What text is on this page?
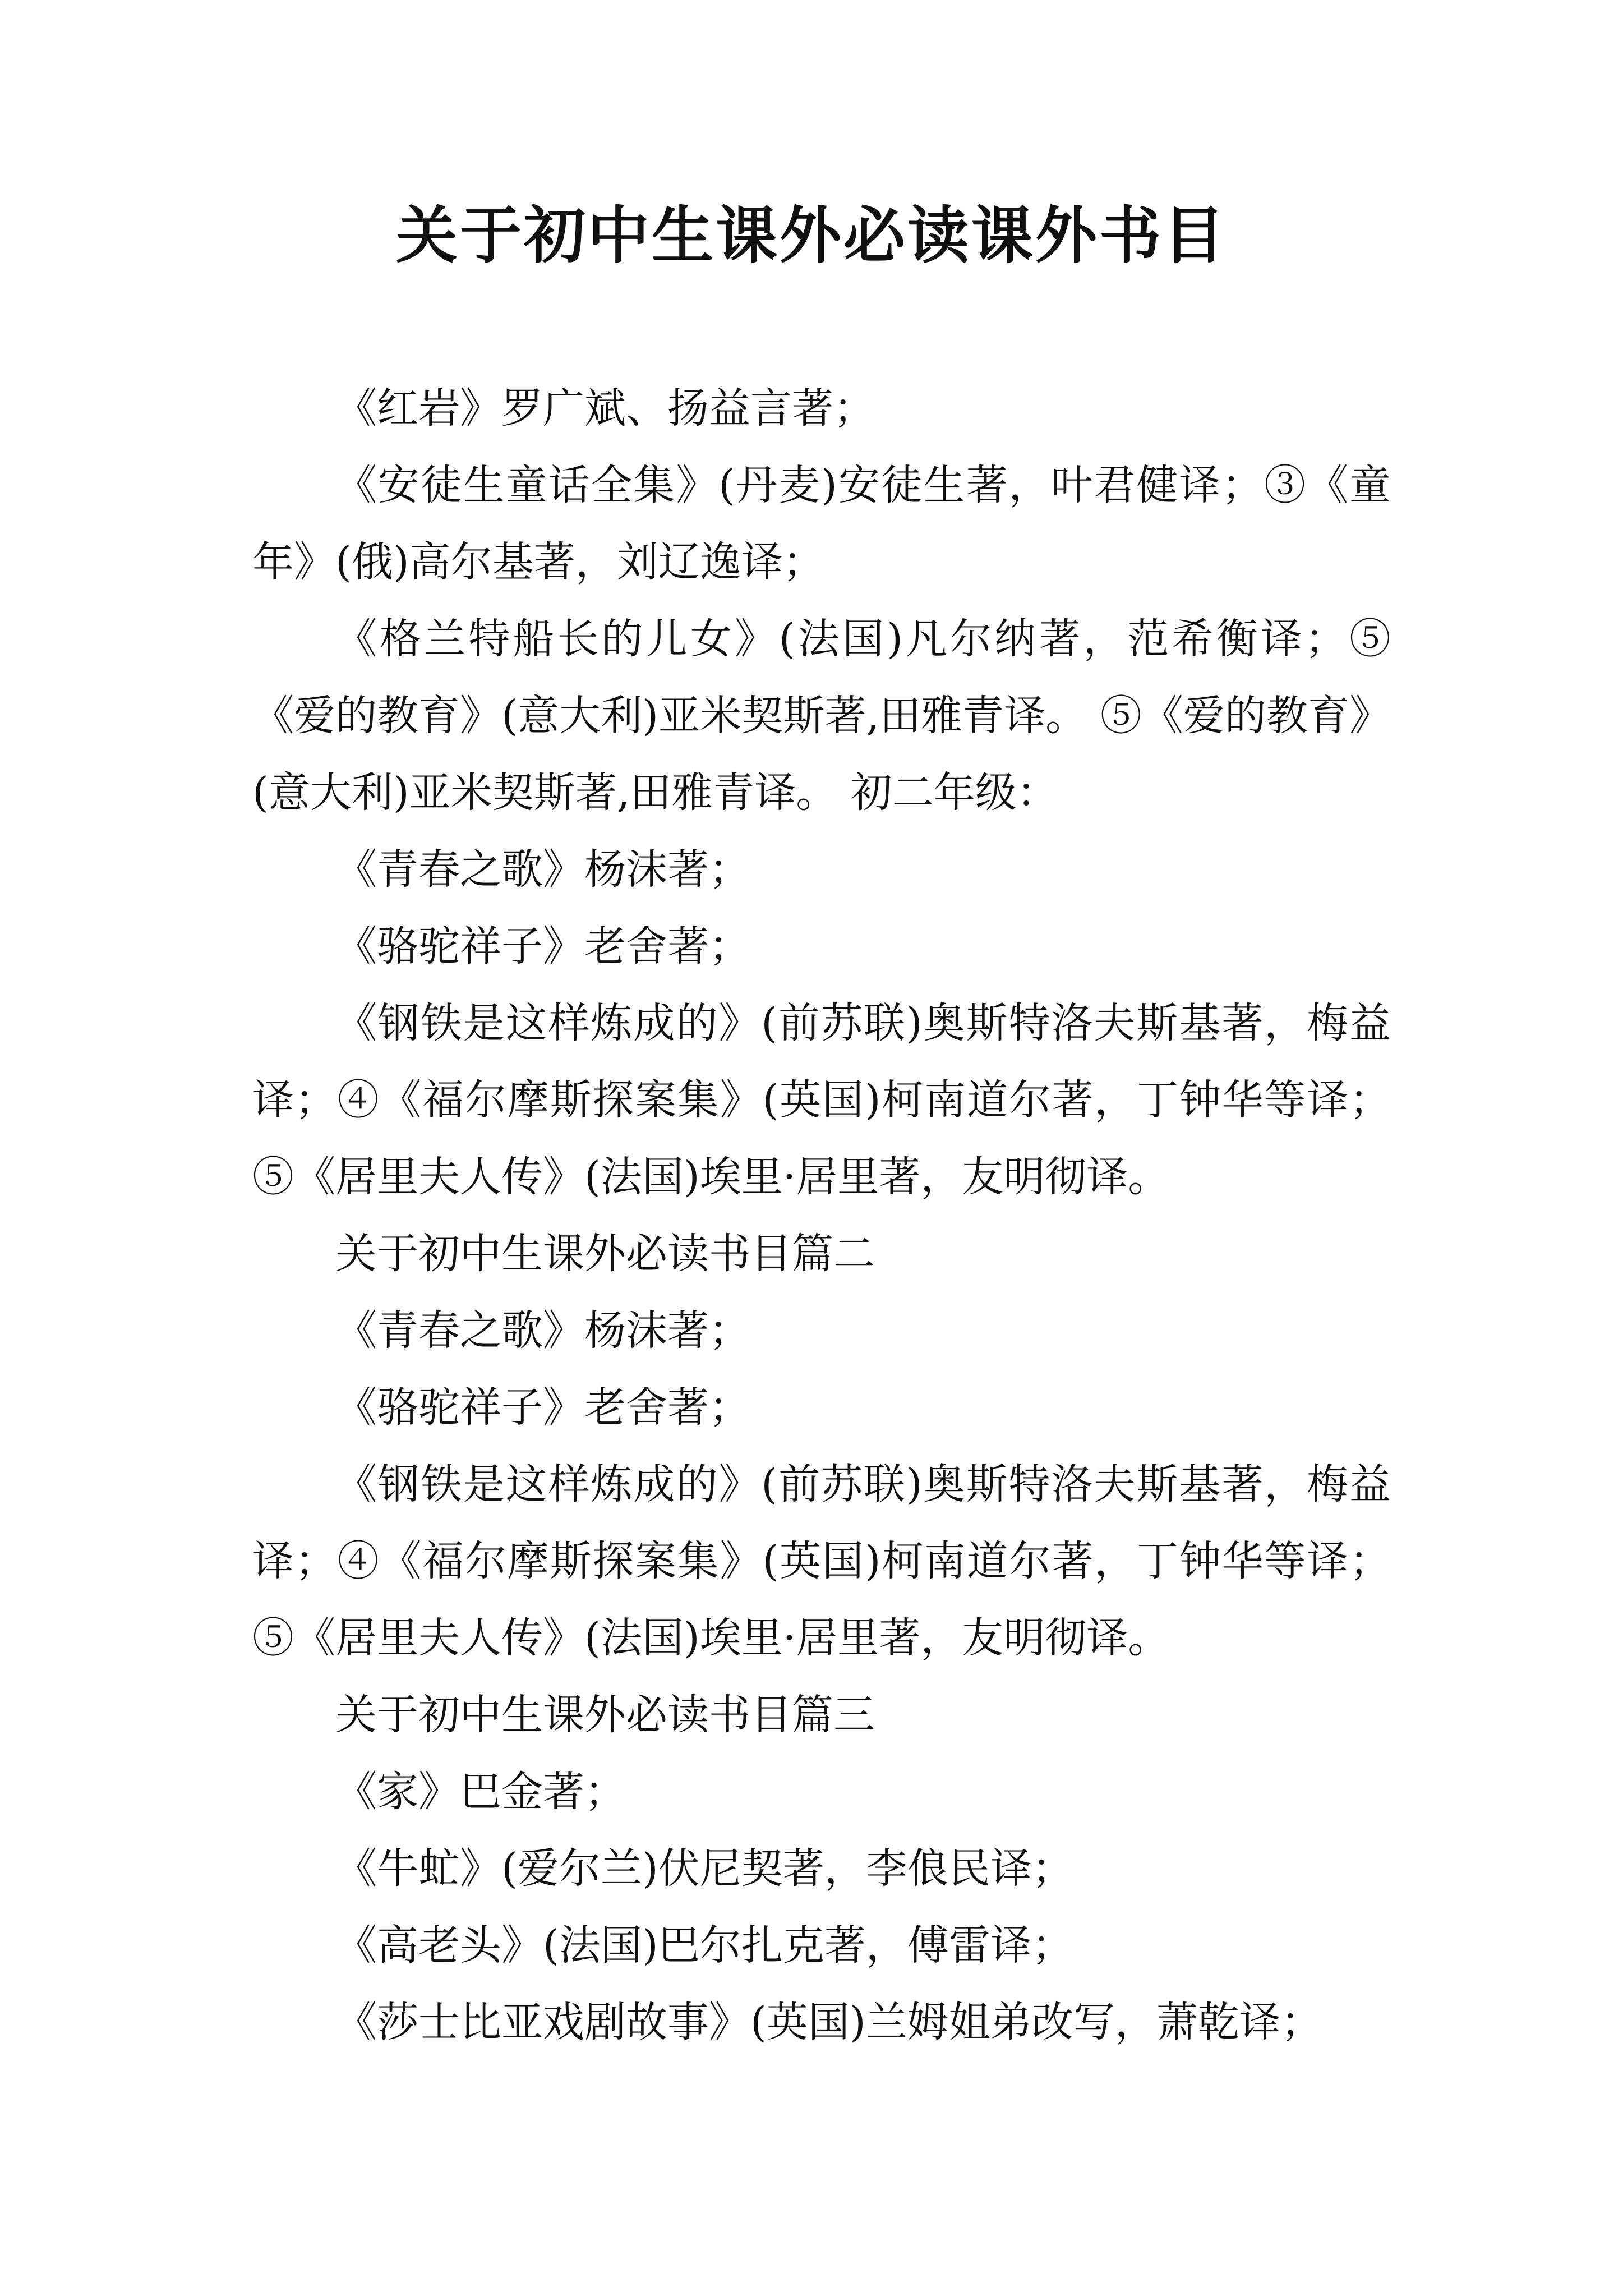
关于初中生课外必读课外书目

《红岩》罗广斌、扬益言著；

《安徒生童话全集》(丹麦)安徒生著，叶君健译；③《童年》(俄)高尔基著，刘辽逸译；

《格兰特船长的儿女》(法国)凡尔纳著，范希衡译；⑤《爱的教育》(意大利)亚米契斯著,田雅青译。 ⑤《爱的教育》(意大利)亚米契斯著,田雅青译。 初二年级：

《青春之歌》杨沫著；

《骆驼祥子》老舍著；

《钢铁是这样炼成的》(前苏联)奥斯特洛夫斯基著，梅益译；④《福尔摩斯探案集》(英国)柯南道尔著，丁钟华等译；⑤《居里夫人传》(法国)埃里·居里著，友明彻译。

关于初中生课外必读书目篇二

《青春之歌》杨沫著；

《骆驼祥子》老舍著；

《钢铁是这样炼成的》(前苏联)奥斯特洛夫斯基著，梅益译；④《福尔摩斯探案集》(英国)柯南道尔著，丁钟华等译；⑤《居里夫人传》(法国)埃里·居里著，友明彻译。

关于初中生课外必读书目篇三

《家》巴金著；

《牛虻》(爱尔兰)伏尼契著，李俍民译；

《高老头》(法国)巴尔扎克著，傅雷译；

《莎士比亚戏剧故事》(英国)兰姆姐弟改写，萧乾译；
